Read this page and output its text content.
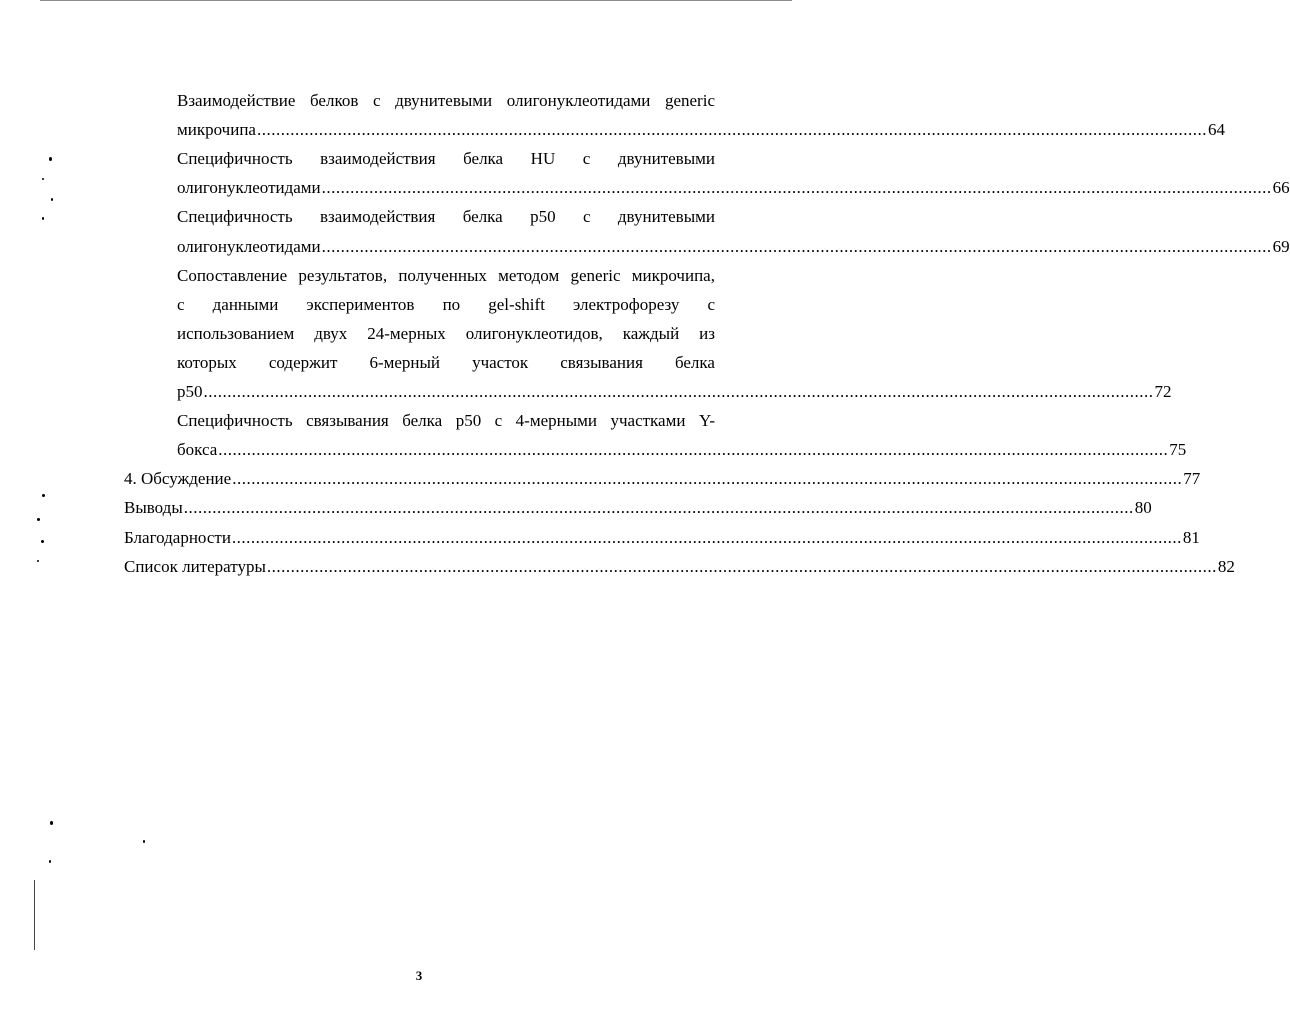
Взаимодействие белков с двунитевыми олигонуклеотидами generic
микрочипа ........................................................................................................................................................................................................ 64
Специфичность взаимодействия белка HU с двунитевыми
олигонуклеотидами ........................................................................................................................................................................................................ 66
Специфичность взаимодействия белка р50 с двунитевыми
олигонуклеотидами ........................................................................................................................................................................................................ 69
Сопоставление результатов, полученных методом generic микрочипа,
с данными экспериментов по gel-shift электрофорезу с
использованием двух 24-мерных олигонуклеотидов, каждый из
которых содержит 6-мерный участок связывания белка
р50 ........................................................................................................................................................................................................ 72
Специфичность связывания белка р50 с 4-мерными участками Y-
бокса ........................................................................................................................................................................................................ 75
4. Обсуждение ........................................................................................................................................................................................................ 77
Выводы ........................................................................................................................................................................................................ 80
Благодарности ........................................................................................................................................................................................................ 81
Список литературы ........................................................................................................................................................................................................ 82
3
